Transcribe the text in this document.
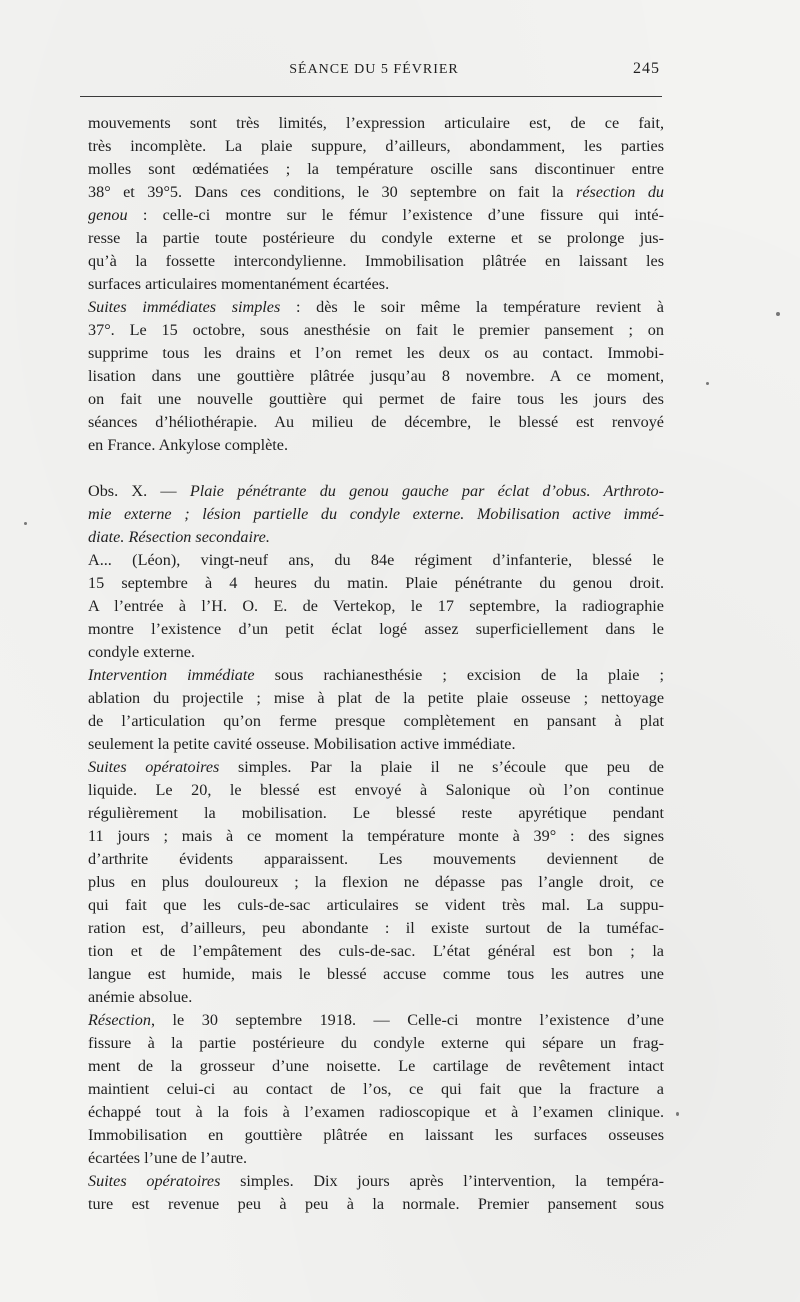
SÉANCE DU 5 FÉVRIER	245
mouvements sont très limités, l’expression articulaire est, de ce fait,
très incomplète. La plaie suppure, d’ailleurs, abondamment, les parties
molles sont œdématiées ; la température oscille sans discontinuer entre
38° et 39°5. Dans ces conditions, le 30 septembre on fait la résection du
genou : celle-ci montre sur le fémur l’existence d’une fissure qui inté-
resse la partie toute postérieure du condyle externe et se prolonge jus-
qu’à la fossette intercondylienne. Immobilisation plâtrée en laissant les
surfaces articulaires momentanément écartées.
Suites immédiates simples : dès le soir même la température revient à
37°. Le 15 octobre, sous anesthésie on fait le premier pansement ; on
supprime tous les drains et l’on remet les deux os au contact. Immobi-
lisation dans une gouttière plâtrée jusqu’au 8 novembre. A ce moment,
on fait une nouvelle gouttière qui permet de faire tous les jours des
séances d’héliothérapie. Au milieu de décembre, le blessé est renvoyé
en France. Ankylose complète.
Obs. X. — Plaie pénétrante du genou gauche par éclat d’obus. Arthroto-
mie externe ; lésion partielle du condyle externe. Mobilisation active immé-
diate. Résection secondaire.
A... (Léon), vingt-neuf ans, du 84e régiment d’infanterie, blessé le
15 septembre à 4 heures du matin. Plaie pénétrante du genou droit.
A l’entrée à l’H. O. E. de Vertekop, le 17 septembre, la radiographie
montre l’existence d’un petit éclat logé assez superficiellement dans le
condyle externe.
Intervention immédiate sous rachianesthésie ; excision de la plaie ;
ablation du projectile ; mise à plat de la petite plaie osseuse ; nettoyage
de l’articulation qu’on ferme presque complètement en pansant à plat
seulement la petite cavité osseuse. Mobilisation active immédiate.
Suites opératoires simples. Par la plaie il ne s’écoule que peu de
liquide. Le 20, le blessé est envoyé à Salonique où l’on continue
régulièrement la mobilisation. Le blessé reste apyrétique pendant
11 jours ; mais à ce moment la température monte à 39° : des signes
d’arthrite évidents apparaissent. Les mouvements deviennent de
plus en plus douloureux ; la flexion ne dépasse pas l’angle droit, ce
qui fait que les culs-de-sac articulaires se vident très mal. La suppu-
ration est, d’ailleurs, peu abondante : il existe surtout de la tuméfac-
tion et de l’empâtement des culs-de-sac. L’état général est bon ; la
langue est humide, mais le blessé accuse comme tous les autres une
anémie absolue.
Résection, le 30 septembre 1918. — Celle-ci montre l’existence d’une
fissure à la partie postérieure du condyle externe qui sépare un frag-
ment de la grosseur d’une noisette. Le cartilage de revêtement intact
maintient celui-ci au contact de l’os, ce qui fait que la fracture a
échappé tout à la fois à l’examen radioscopique et à l’examen clinique.
Immobilisation en gouttière plâtrée en laissant les surfaces osseuses
écartées l’une de l’autre.
Suites opératoires simples. Dix jours après l’intervention, la tempéra-
ture est revenue peu à peu à la normale. Premier pansement sous
